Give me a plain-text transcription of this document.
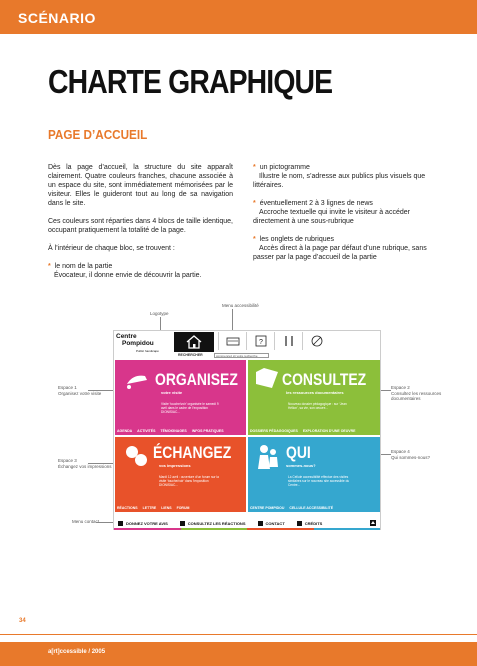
SCÉNARIO
CHARTE GRAPHIQUE
PAGE D’ACCUEIL

Dès la page d’accueil, la structure du site apparaît clairement. Quatre couleurs franches, chacune associée à un espace du site, sont immédiatement mémorisées par le visiteur. Elles le guideront tout au long de sa navigation dans le site.

Ces couleurs sont réparties dans 4 blocs de taille identique, occupant pratiquement la totalité de la page.

À l’intérieur de chaque bloc, se trouvent :

* le nom de la partie
Évocateur, il donne envie de découvrir la partie.

* un pictogramme
Illustre le nom, s’adresse aux publics plus visuels que littéraires.

* éventuellement 2 à 3 lignes de news
Accroche textuelle qui invite le visiteur à accéder directement à une sous-rubrique

* les onglets de rubriques
Accès direct à la page par défaut d’une rubrique, sans passer par la page d’accueil de la partie

Logotype
Menu accessibilité
Espace 1
Organisez votre visite
Espace 2
Consultez les ressources documentaires
Espace 3
Échangez vos impressions
Espace 4
Qui sommes-nous?
Menu contact
Centre
Pompidou
Public handicapé
?
RECHERCHER	commencez ici votre recherche
ORGANISEZ
votre visite
Visite ‘touche/voir’ organisée le samedi 9 avril dans le cadre de l’exposition DIONISIAC...
AGENDA	ACTIVITÉS	TÉMOIGNAGES	INFOS PRATIQUES
CONSULTEZ
les ressources documentaires
Nouveau dossier pédagogique : sur ‘Jean Hélion’, sa vie, son oeuvre...
DOSSIERS PÉDAGOGIQUES	EXPLORATION D’UNE OEUVRE
ÉCHANGEZ
vos impressions
Mardi 12 avril : ouverture d’un forum sur la visite ‘touche/voir’ dans l’exposition DIONISIAC...
RÉACTIONS	LETTRE	LIENS	FORUM
QUI
sommes-nous?
La Cellule accessibilité effectue des visites similaires sur le nouveau site accessible du Centre...
CENTRE POMPIDOU	CELLULE ACCESSIBILITÉ
DONNEZ VOTRE AVIS	CONSULTEZ LES RÉACTIONS	CONTACT	CRÉDITS
34
a[rt]ccessible / 2005
